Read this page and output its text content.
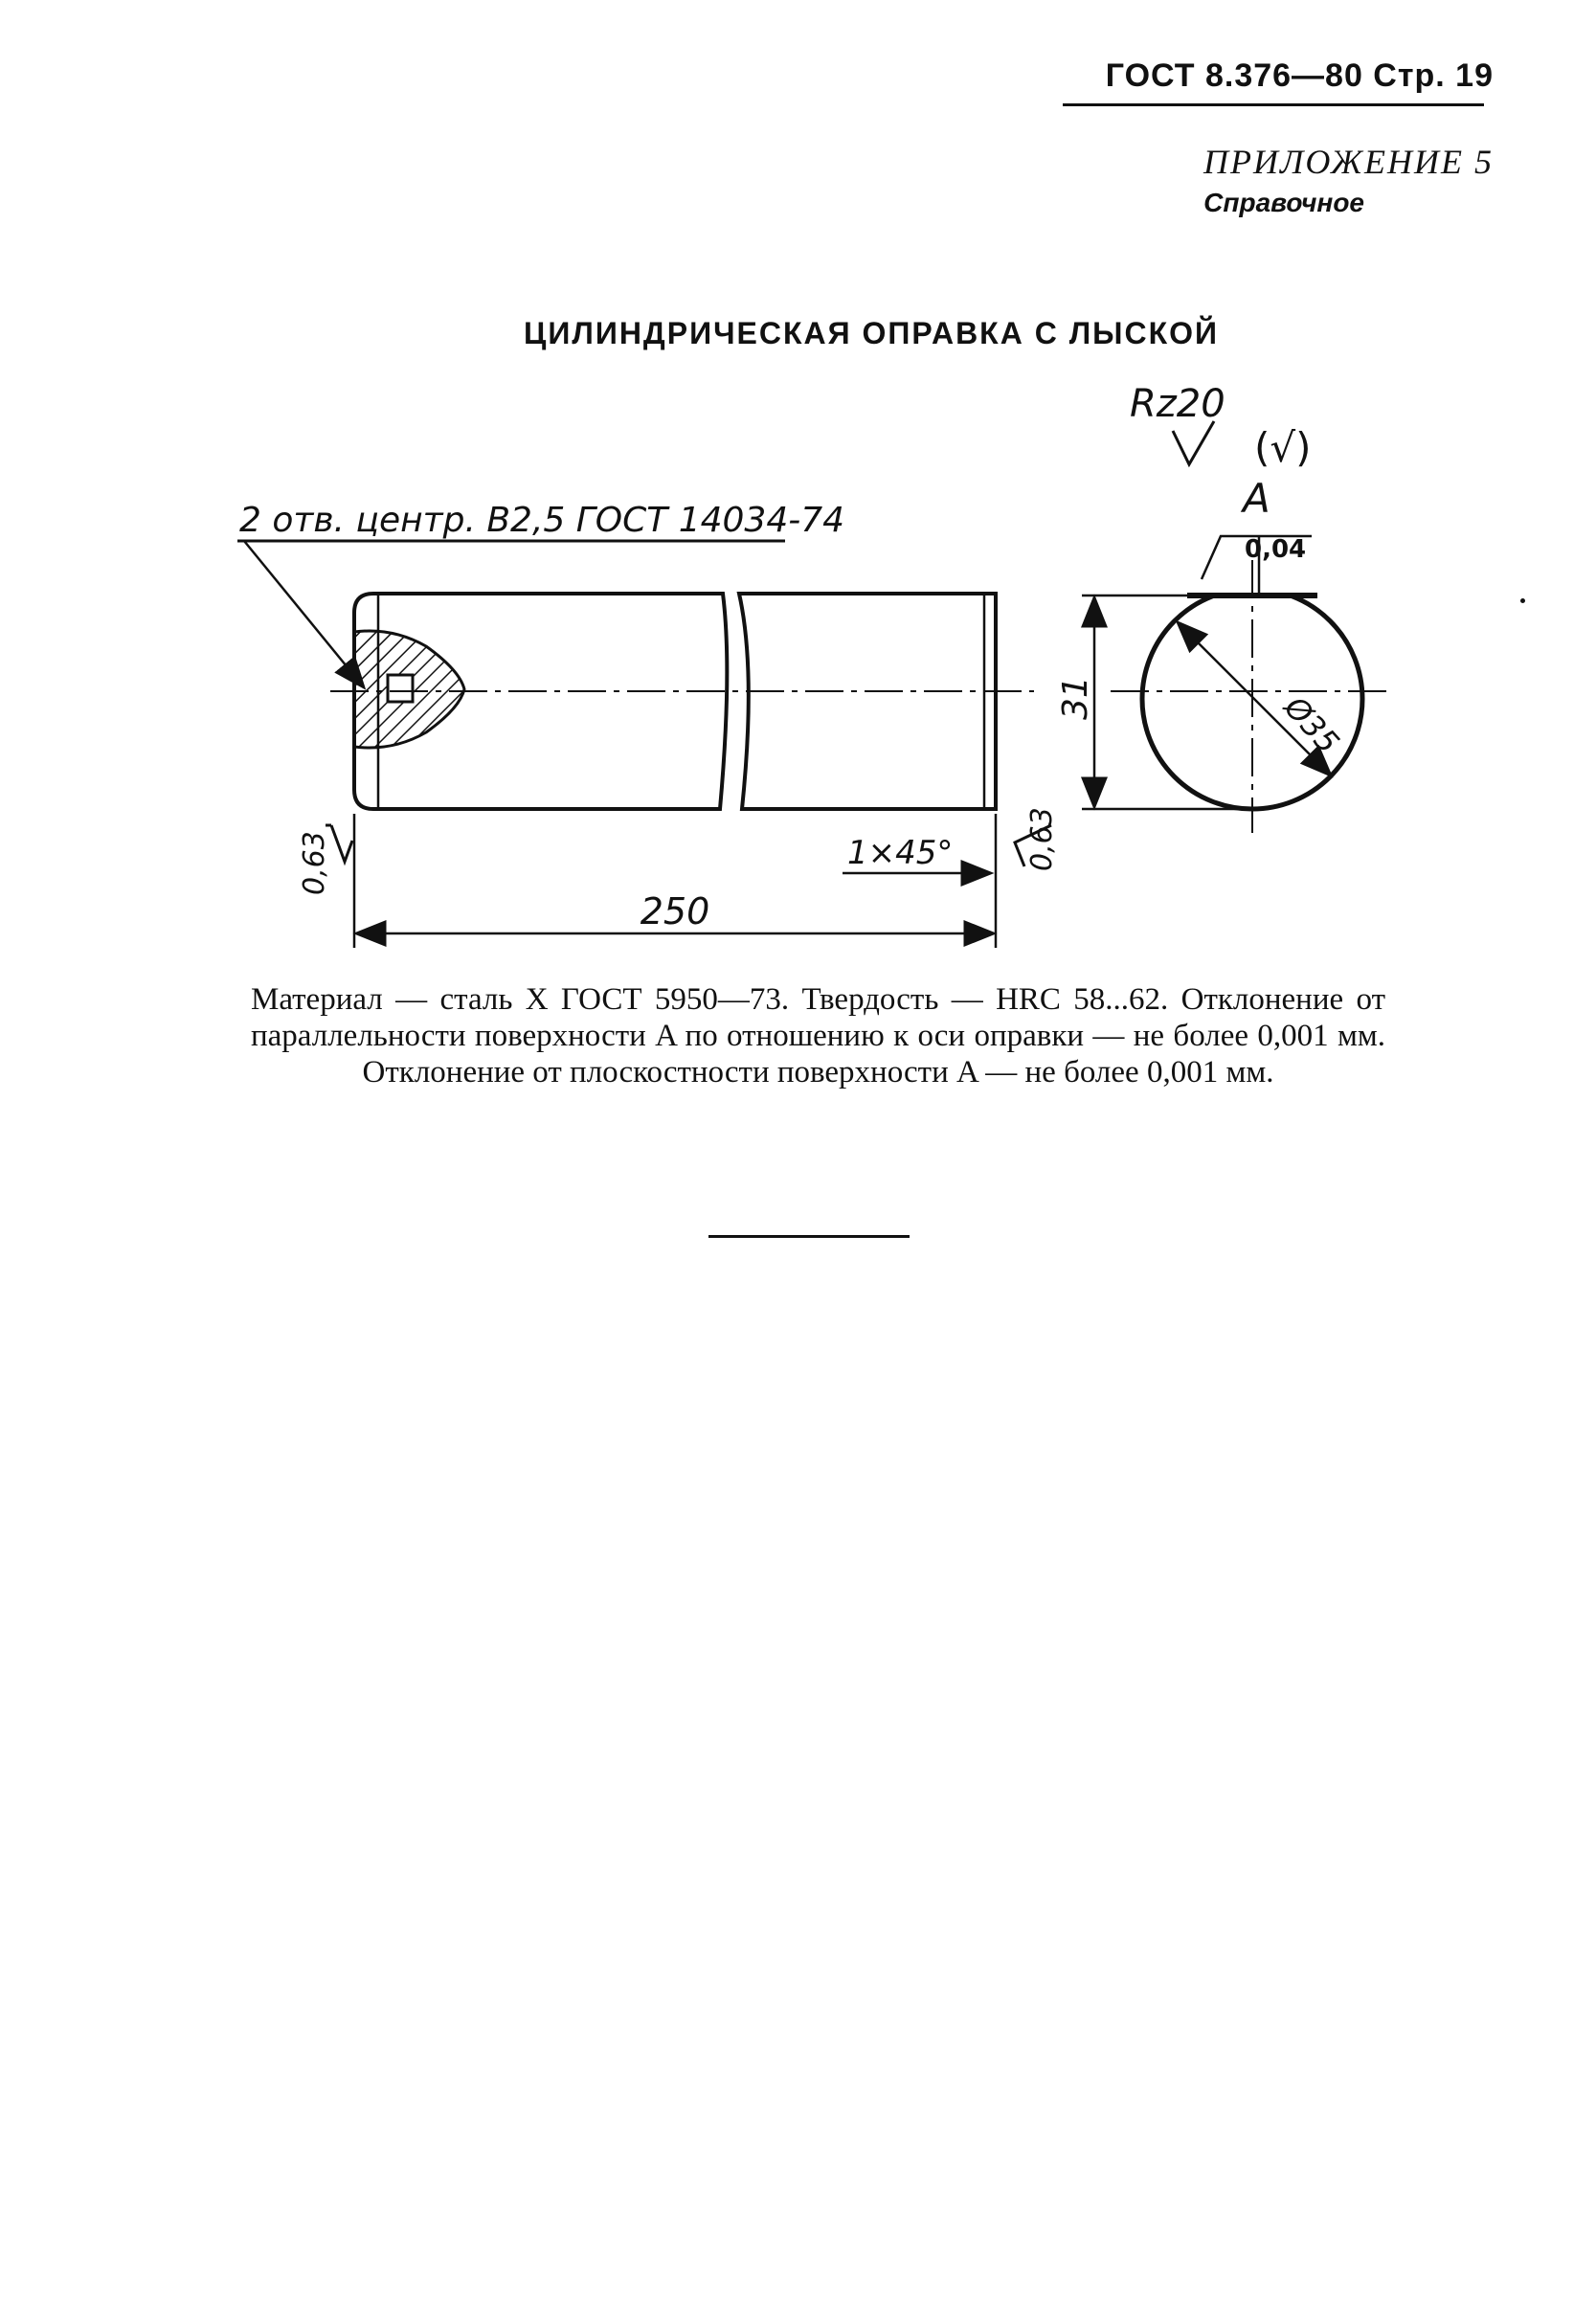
ГОСТ 8.376—80 Стр. 19
ПРИЛОЖЕНИЕ 5
Справочное
ЦИЛИНДРИЧЕСКАЯ ОПРАВКА С ЛЫСКОЙ
2 отв. центр. B2,5 ГОСТ 14034-74
250
1×45°
0,63	0,63
Rz20
(√)
A
0,04
Ø35
31
Материал — сталь X ГОСТ 5950—73. Твердость — HRC 58...62. Отклонение от параллельности поверхности A по отношению к оси оправки — не более 0,001 мм. Отклонение от плоскостности поверхности A — не более 0,001 мм.
